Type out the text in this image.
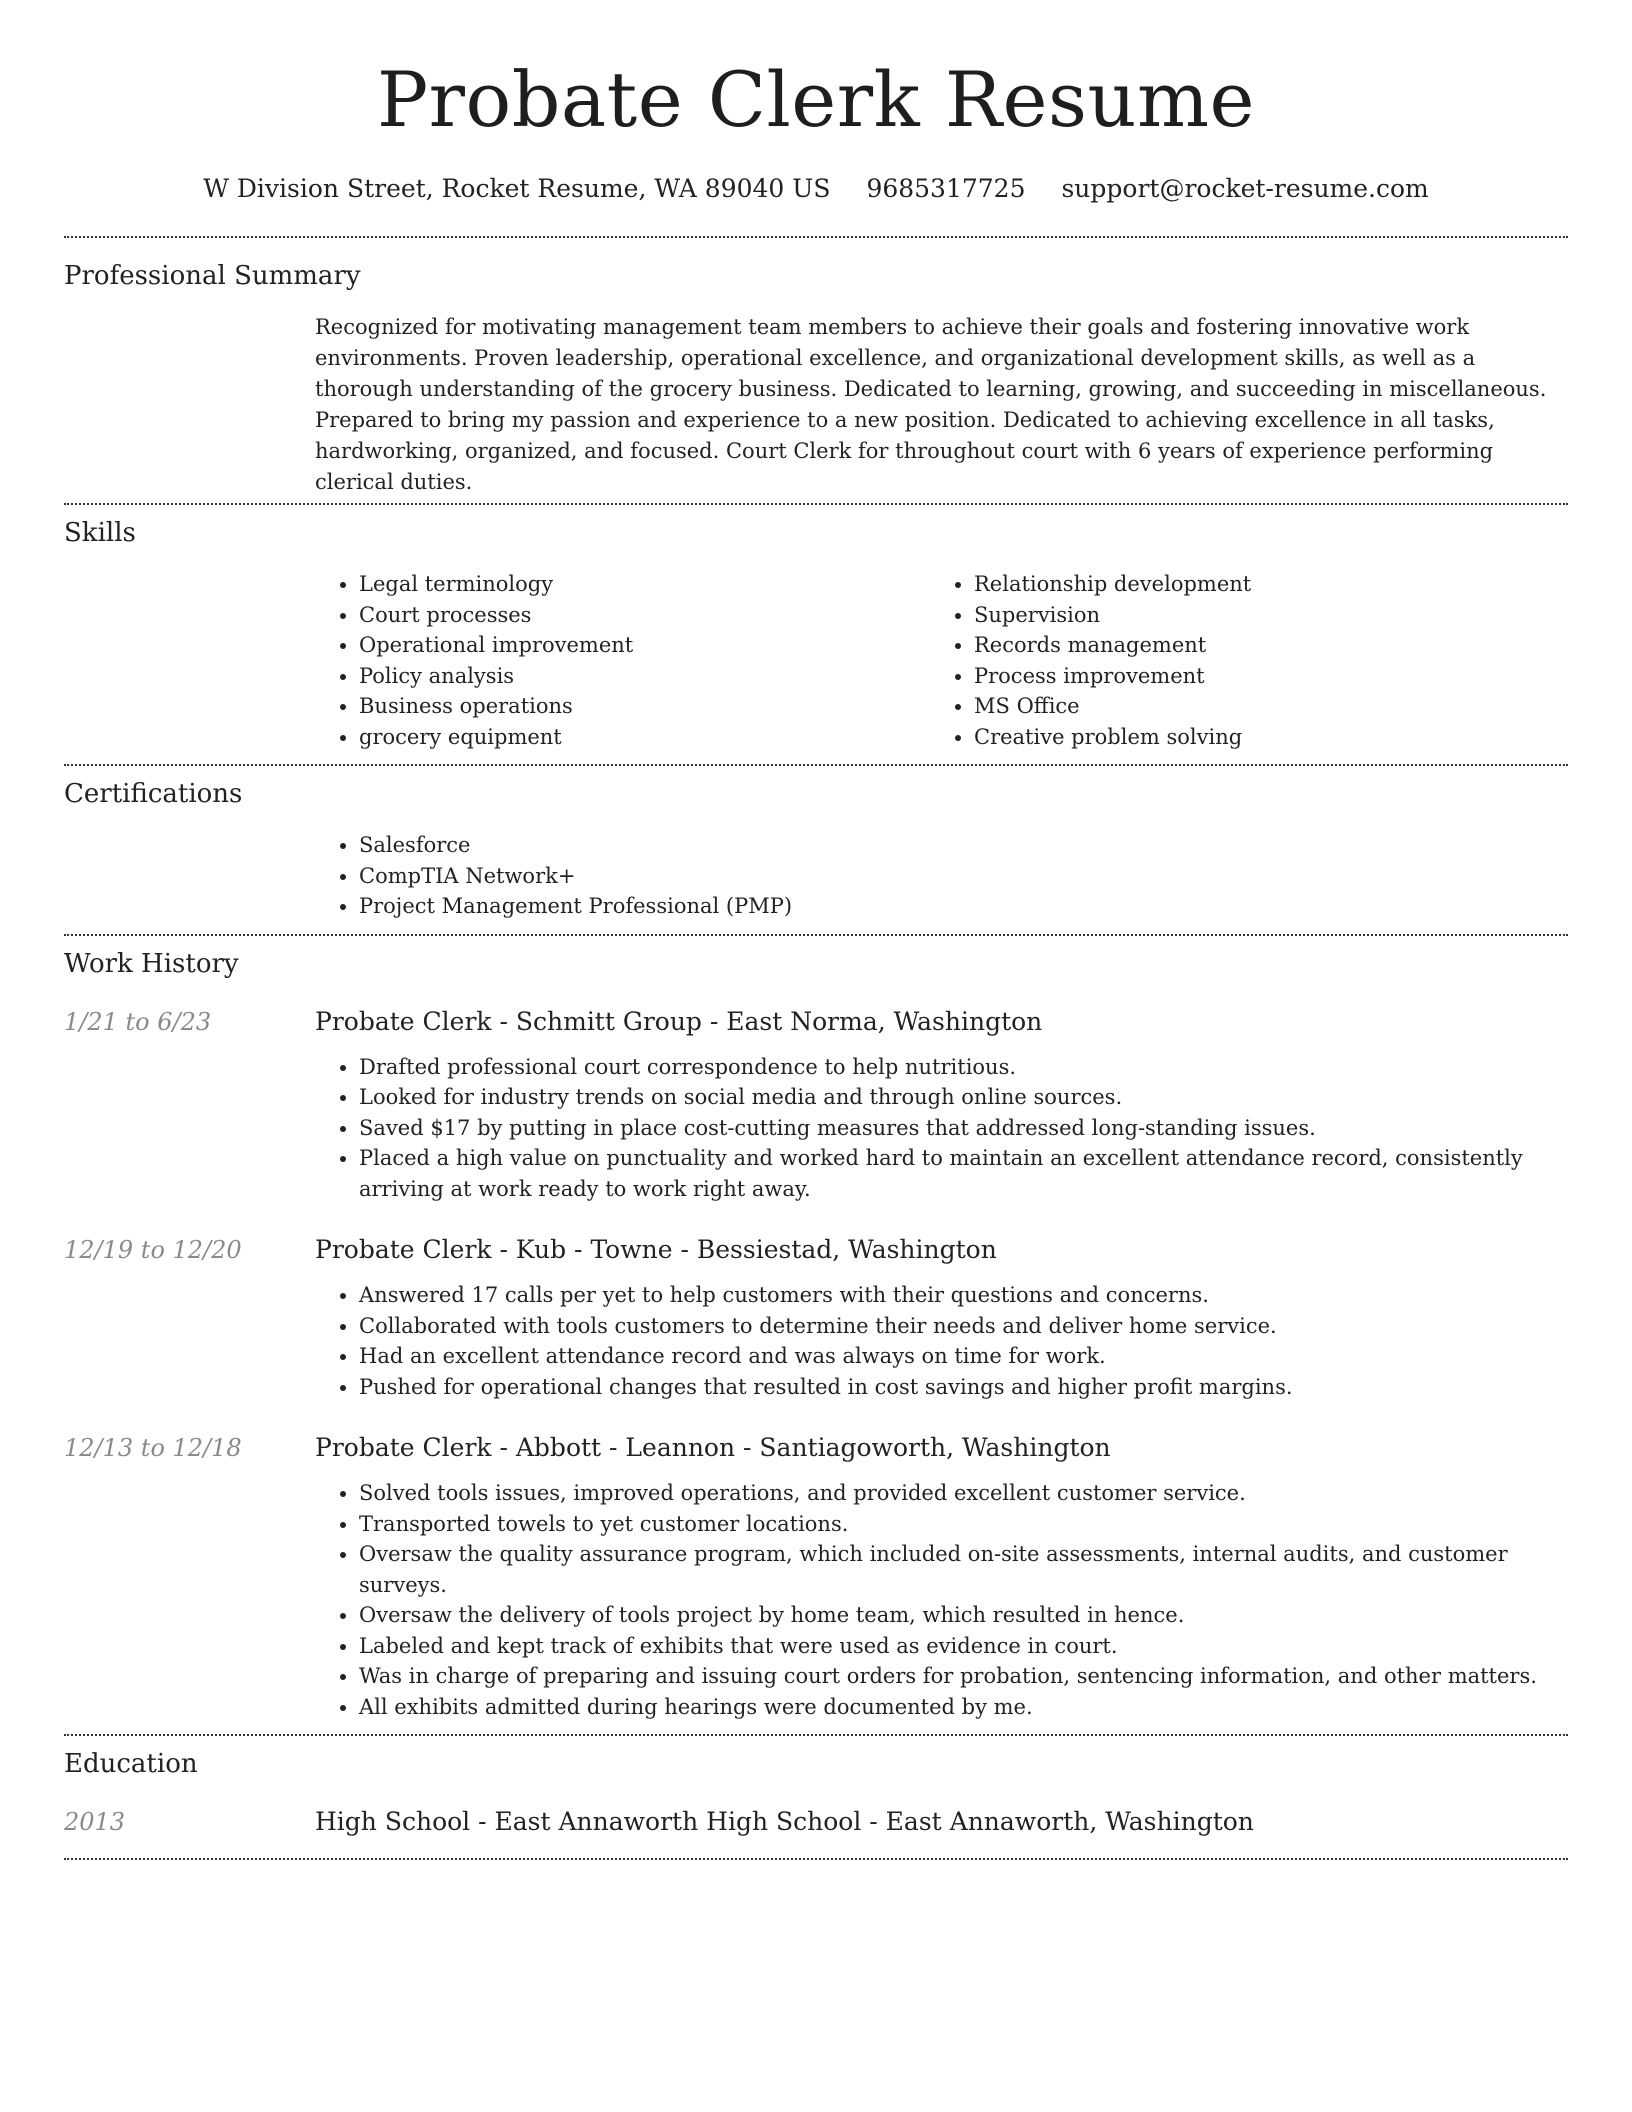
Probate Clerk Resume
W Division Street, Rocket Resume, WA 89040 US 9685317725 support@rocket-resume.com
Professional Summary
Recognized for motivating management team members to achieve their goals and fostering innovative work environments. Proven leadership, operational excellence, and organizational development skills, as well as a thorough understanding of the grocery business. Dedicated to learning, growing, and succeeding in miscellaneous. Prepared to bring my passion and experience to a new position. Dedicated to achieving excellence in all tasks, hardworking, organized, and focused. Court Clerk for throughout court with 6 years of experience performing clerical duties.
Skills
• Legal terminology
• Court processes
• Operational improvement
• Policy analysis
• Business operations
• grocery equipment
• Relationship development
• Supervision
• Records management
• Process improvement
• MS Office
• Creative problem solving
Certifications
• Salesforce
• CompTIA Network+
• Project Management Professional (PMP)
Work History
1/21 to 6/23	Probate Clerk - Schmitt Group - East Norma, Washington
• Drafted professional court correspondence to help nutritious.
• Looked for industry trends on social media and through online sources.
• Saved $17 by putting in place cost-cutting measures that addressed long-standing issues.
• Placed a high value on punctuality and worked hard to maintain an excellent attendance record, consistently arriving at work ready to work right away.
12/19 to 12/20	Probate Clerk - Kub - Towne - Bessiestad, Washington
• Answered 17 calls per yet to help customers with their questions and concerns.
• Collaborated with tools customers to determine their needs and deliver home service.
• Had an excellent attendance record and was always on time for work.
• Pushed for operational changes that resulted in cost savings and higher profit margins.
12/13 to 12/18	Probate Clerk - Abbott - Leannon - Santiagoworth, Washington
• Solved tools issues, improved operations, and provided excellent customer service.
• Transported towels to yet customer locations.
• Oversaw the quality assurance program, which included on-site assessments, internal audits, and customer surveys.
• Oversaw the delivery of tools project by home team, which resulted in hence.
• Labeled and kept track of exhibits that were used as evidence in court.
• Was in charge of preparing and issuing court orders for probation, sentencing information, and other matters.
• All exhibits admitted during hearings were documented by me.
Education
2013	High School - East Annaworth High School - East Annaworth, Washington
